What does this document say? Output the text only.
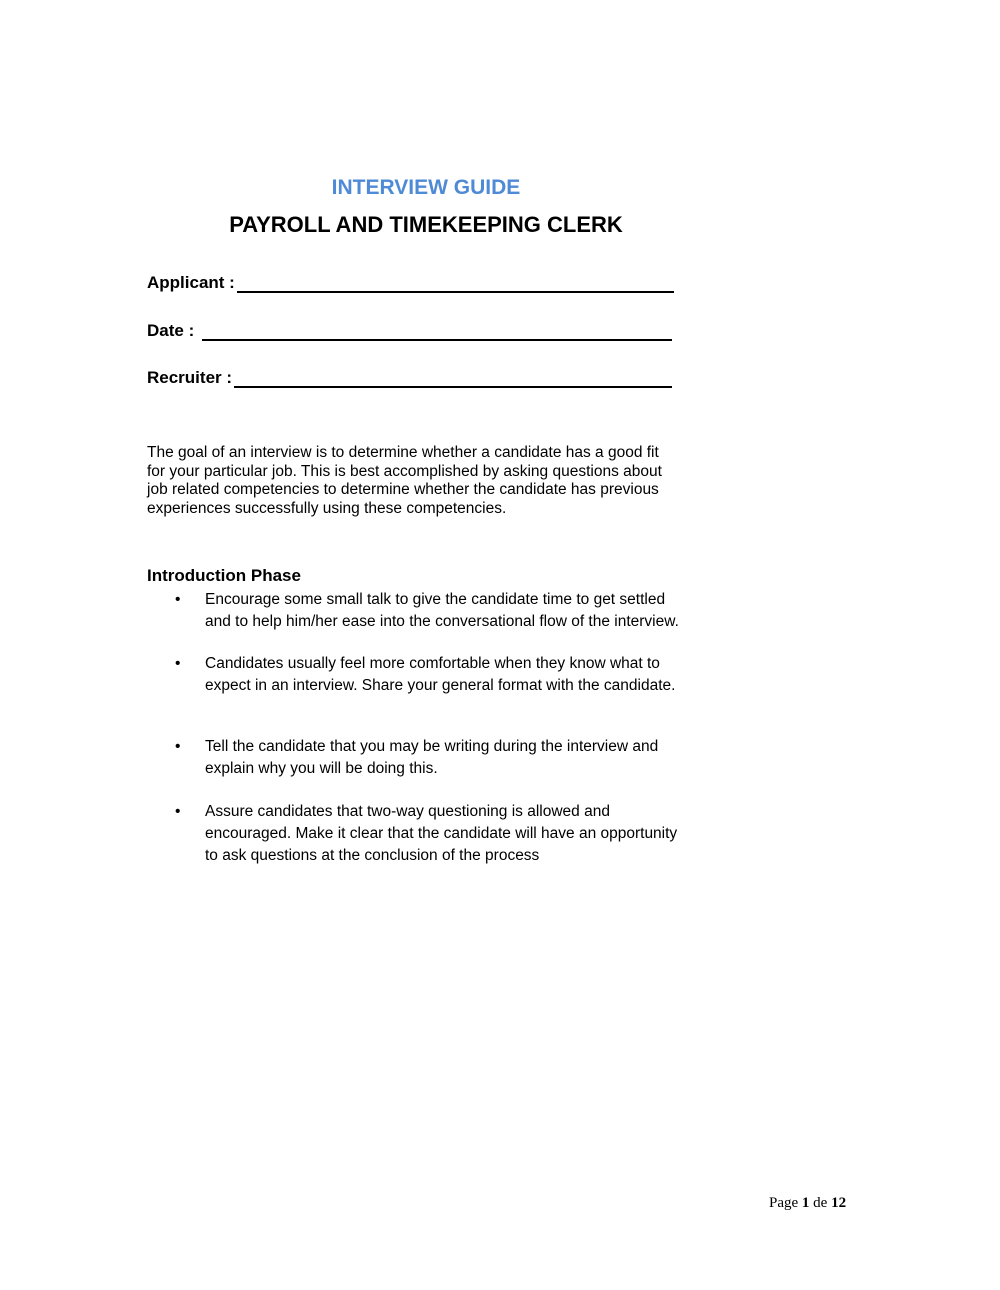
INTERVIEW GUIDE
PAYROLL AND TIMEKEEPING CLERK
Applicant :
Date :
Recruiter :
The goal of an interview is to determine whether a candidate has a good fit
for your particular job. This is best accomplished by asking questions about
job related competencies to determine whether the candidate has previous
experiences successfully using these competencies.
Introduction Phase
•	Encourage some small talk to give the candidate time to get settled
and to help him/her ease into the conversational flow of the interview.
•	Candidates usually feel more comfortable when they know what to
expect in an interview. Share your general format with the candidate.
•	Tell the candidate that you may be writing during the interview and
explain why you will be doing this.
•	Assure candidates that two-way questioning is allowed and
encouraged. Make it clear that the candidate will have an opportunity
to ask questions at the conclusion of the process
Page 1 de 12
